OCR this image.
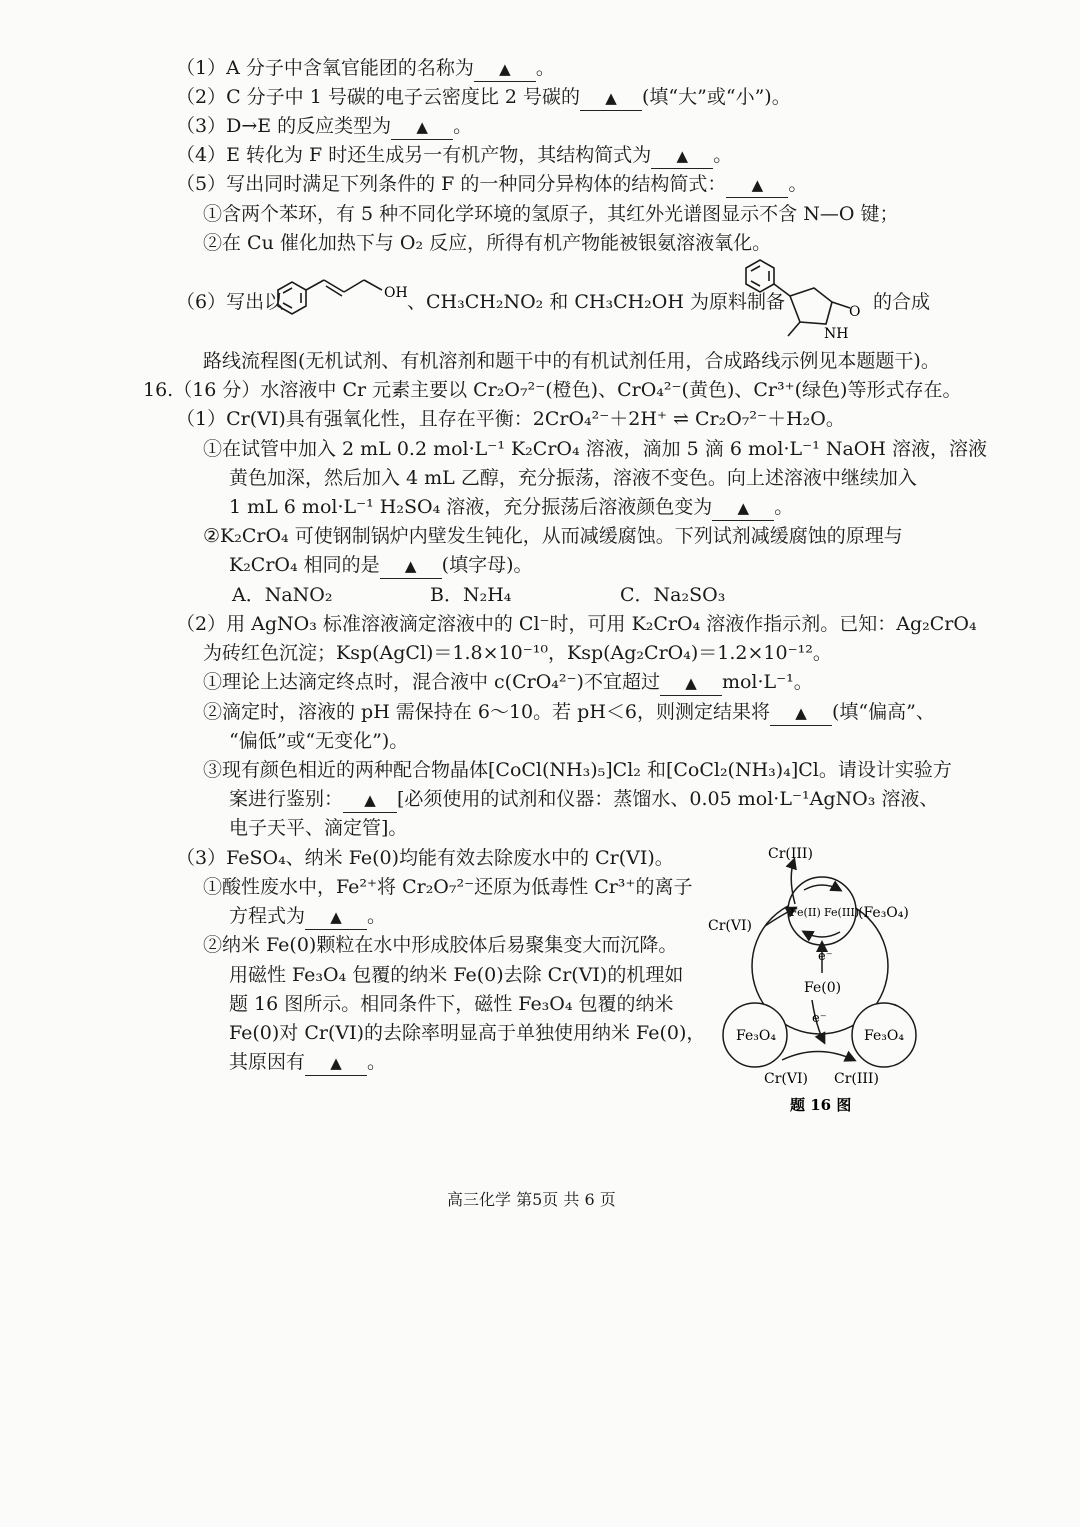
（1）A 分子中含氧官能团的名称为 ▲ 。
（2）C 分子中 1 号碳的电子云密度比 2 号碳的 ▲ (填“大”或“小”)。
（3）D→E 的反应类型为 ▲ 。
（4）E 转化为 F 时还生成另一有机产物，其结构简式为 ▲ 。
（5）写出同时满足下列条件的 F 的一种同分异构体的结构简式： ▲ 。
①含两个苯环，有 5 种不同化学环境的氢原子，其红外光谱图显示不含 N—O 键；
②在 Cu 催化加热下与 O₂ 反应，所得有机产物能被银氨溶液氧化。
（6）写出以	OH 、CH₃CH₂NO₂ 和 CH₃CH₂OH 为原料制备	O
NH
的合成
路线流程图(无机试剂、有机溶剂和题干中的有机试剂任用，合成路线示例见本题题干)。
16.（16 分）水溶液中 Cr 元素主要以 Cr₂O₇²⁻(橙色)、CrO₄²⁻(黄色)、Cr³⁺(绿色)等形式存在。
（1）Cr(VI)具有强氧化性，且存在平衡：2CrO₄²⁻＋2H⁺ ⇌ Cr₂O₇²⁻＋H₂O。
①在试管中加入 2 mL 0.2 mol·L⁻¹ K₂CrO₄ 溶液，滴加 5 滴 6 mol·L⁻¹ NaOH 溶液，溶液
黄色加深，然后加入 4 mL 乙醇，充分振荡，溶液不变色。向上述溶液中继续加入
1 mL 6 mol·L⁻¹ H₂SO₄ 溶液，充分振荡后溶液颜色变为 ▲ 。
②K₂CrO₄ 可使钢制锅炉内壁发生钝化，从而减缓腐蚀。下列试剂减缓腐蚀的原理与
K₂CrO₄ 相同的是 ▲ (填字母)。
A．NaNO₂	B．N₂H₄	C．Na₂SO₃
（2）用 AgNO₃ 标准溶液滴定溶液中的 Cl⁻时，可用 K₂CrO₄ 溶液作指示剂。已知：Ag₂CrO₄
为砖红色沉淀；Ksp(AgCl)＝1.8×10⁻¹⁰，Ksp(Ag₂CrO₄)＝1.2×10⁻¹²。
①理论上达滴定终点时，混合液中 c(CrO₄²⁻)不宜超过 ▲ mol·L⁻¹。
②滴定时，溶液的 pH 需保持在 6～10。若 pH＜6，则测定结果将 ▲ (填“偏高”、
“偏低”或“无变化”)。
③现有颜色相近的两种配合物晶体[CoCl(NH₃)₅]Cl₂ 和[CoCl₂(NH₃)₄]Cl。请设计实验方
案进行鉴别： ▲ [必须使用的试剂和仪器：蒸馏水、0.05 mol·L⁻¹AgNO₃ 溶液、
电子天平、滴定管]。
（3）FeSO₄、纳米 Fe(0)均能有效去除废水中的 Cr(VI)。
①酸性废水中，Fe²⁺将 Cr₂O₇²⁻还原为低毒性 Cr³⁺的离子
方程式为 ▲ 。
②纳米 Fe(0)颗粒在水中形成胶体后易聚集变大而沉降。
用磁性 Fe₃O₄ 包覆的纳米 Fe(0)去除 Cr(VI)的机理如
题 16 图所示。相同条件下，磁性 Fe₃O₄ 包覆的纳米
Fe(0)对 Cr(VI)的去除率明显高于单独使用纳米 Fe(0)，
其原因有 ▲ 。
Cr(III)
Cr(VI)
Fe(II) Fe(III)
(Fe₃O₄)
e⁻
Fe(0)
e⁻
Fe₃O₄	Fe₃O₄
Cr(VI) Cr(III)
题 16 图
高三化学 第5页 共 6 页
